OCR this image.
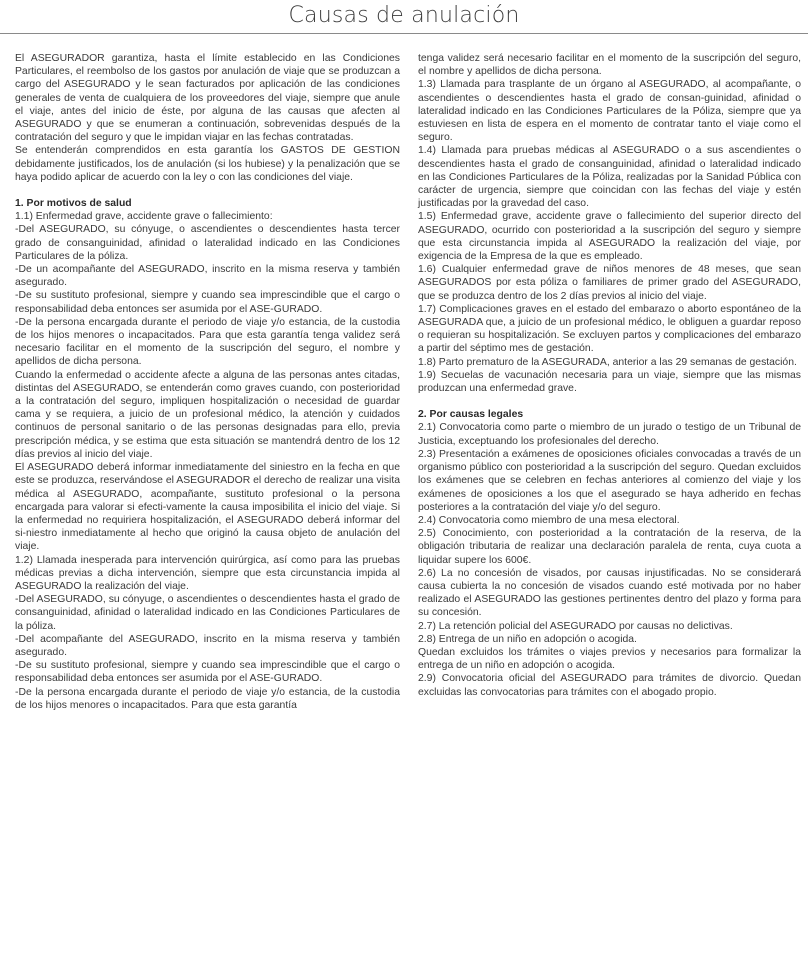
Causas de anulación

El ASEGURADOR garantiza, hasta el límite establecido en las Condiciones Particulares, el reembolso de los gastos por anulación de viaje que se produzcan a cargo del ASEGURADO y le sean facturados por aplicación de las condiciones generales de venta de cualquiera de los proveedores del viaje, siempre que anule el viaje, antes del inicio de éste, por alguna de las causas que afecten al ASEGURADO y que se enumeran a continuación, sobrevenidas después de la contratación del seguro y que le impidan viajar en las fechas contratadas.

Se entenderán comprendidos en esta garantía los GASTOS DE GESTION debidamente justificados, los de anulación (si los hubiese) y la penalización que se haya podido aplicar de acuerdo con la ley o con las condiciones del viaje.

1. Por motivos de salud

1.1) Enfermedad grave, accidente grave o fallecimiento:

-Del ASEGURADO, su cónyuge, o ascendientes o descendientes hasta tercer grado de consanguinidad, afinidad o lateralidad indicado en las Condiciones Particulares de la póliza.

-De un acompañante del ASEGURADO, inscrito en la misma reserva y también asegurado.

-De su sustituto profesional, siempre y cuando sea imprescindible que el cargo o responsabilidad deba entonces ser asumida por el ASE-GURADO.

-De la persona encargada durante el periodo de viaje y/o estancia, de la custodia de los hijos menores o incapacitados. Para que esta garantía tenga validez será necesario facilitar en el momento de la suscripción del seguro, el nombre y apellidos de dicha persona.

Cuando la enfermedad o accidente afecte a alguna de las personas antes citadas, distintas del ASEGURADO, se entenderán como graves cuando, con posterioridad a la contratación del seguro, impliquen hospitalización o necesidad de guardar cama y se requiera, a juicio de un profesional médico, la atención y cuidados continuos de personal sanitario o de las personas designadas para ello, previa prescripción médica, y se estima que esta situación se mantendrá dentro de los 12 días previos al inicio del viaje.

El ASEGURADO deberá informar inmediatamente del siniestro en la fecha en que este se produzca, reservándose el ASEGURADOR el derecho de realizar una visita médica al ASEGURADO, acompañante, sustituto profesional o la persona encargada para valorar si efecti-vamente la causa imposibilita el inicio del viaje. Si la enfermedad no requiriera hospitalización, el ASEGURADO deberá informar del si-niestro inmediatamente al hecho que originó la causa objeto de anulación del viaje.

1.2) Llamada inesperada para intervención quirúrgica, así como para las pruebas médicas previas a dicha intervención, siempre que esta circunstancia impida al ASEGURADO la realización del viaje.

-Del ASEGURADO, su cónyuge, o ascendientes o descendientes hasta el grado de consanguinidad, afinidad o lateralidad indicado en las Condiciones Particulares de la póliza.

-Del acompañante del ASEGURADO, inscrito en la misma reserva y también asegurado.

-De su sustituto profesional, siempre y cuando sea imprescindible que el cargo o responsabilidad deba entonces ser asumida por el ASE-GURADO.

-De la persona encargada durante el periodo de viaje y/o estancia, de la custodia de los hijos menores o incapacitados. Para que esta garantía

tenga validez será necesario facilitar en el momento de la suscripción del seguro, el nombre y apellidos de dicha persona.

1.3) Llamada para trasplante de un órgano al ASEGURADO, al acompañante, o ascendientes o descendientes hasta el grado de consan-guinidad, afinidad o lateralidad indicado en las Condiciones Particulares de la Póliza, siempre que ya estuviesen en lista de espera en el momento de contratar tanto el viaje como el seguro.

1.4) Llamada para pruebas médicas al ASEGURADO o a sus ascendientes o descendientes hasta el grado de consanguinidad, afinidad o lateralidad indicado en las Condiciones Particulares de la Póliza, realizadas por la Sanidad Pública con carácter de urgencia, siempre que coincidan con las fechas del viaje y estén justificadas por la gravedad del caso.

1.5) Enfermedad grave, accidente grave o fallecimiento del superior directo del ASEGURADO, ocurrido con posterioridad a la suscripción del seguro y siempre que esta circunstancia impida al ASEGURADO la realización del viaje, por exigencia de la Empresa de la que es empleado.

1.6) Cualquier enfermedad grave de niños menores de 48 meses, que sean ASEGURADOS por esta póliza o familiares de primer grado del ASEGURADO, que se produzca dentro de los 2 días previos al inicio del viaje.

1.7) Complicaciones graves en el estado del embarazo o aborto espontáneo de la ASEGURADA que, a juicio de un profesional médico, le obliguen a guardar reposo o requieran su hospitalización. Se excluyen partos y complicaciones del embarazo a partir del séptimo mes de gestación.

1.8) Parto prematuro de la ASEGURADA, anterior a las 29 semanas de gestación.

1.9) Secuelas de vacunación necesaria para un viaje, siempre que las mismas produzcan una enfermedad grave.

2. Por causas legales

2.1) Convocatoria como parte o miembro de un jurado o testigo de un Tribunal de Justicia, exceptuando los profesionales del derecho.

2.3) Presentación a exámenes de oposiciones oficiales convocadas a través de un organismo público con posterioridad a la suscripción del seguro. Quedan excluidos los exámenes que se celebren en fechas anteriores al comienzo del viaje y los exámenes de oposiciones a los que el asegurado se haya adherido en fechas posteriores a la contratación del viaje y/o del seguro.

2.4) Convocatoria como miembro de una mesa electoral.

2.5) Conocimiento, con posterioridad a la contratación de la reserva, de la obligación tributaria de realizar una declaración paralela de renta, cuya cuota a liquidar supere los 600€.

2.6) La no concesión de visados, por causas injustificadas. No se considerará causa cubierta la no concesión de visados cuando esté motivada por no haber realizado el ASEGURADO las gestiones pertinentes dentro del plazo y forma para su concesión.

2.7) La retención policial del ASEGURADO por causas no delictivas.

2.8) Entrega de un niño en adopción o acogida.

Quedan excluidos los trámites o viajes previos y necesarios para formalizar la entrega de un niño en adopción o acogida.

2.9) Convocatoria oficial del ASEGURADO para trámites de divorcio. Quedan excluidas las convocatorias para trámites con el abogado propio.
